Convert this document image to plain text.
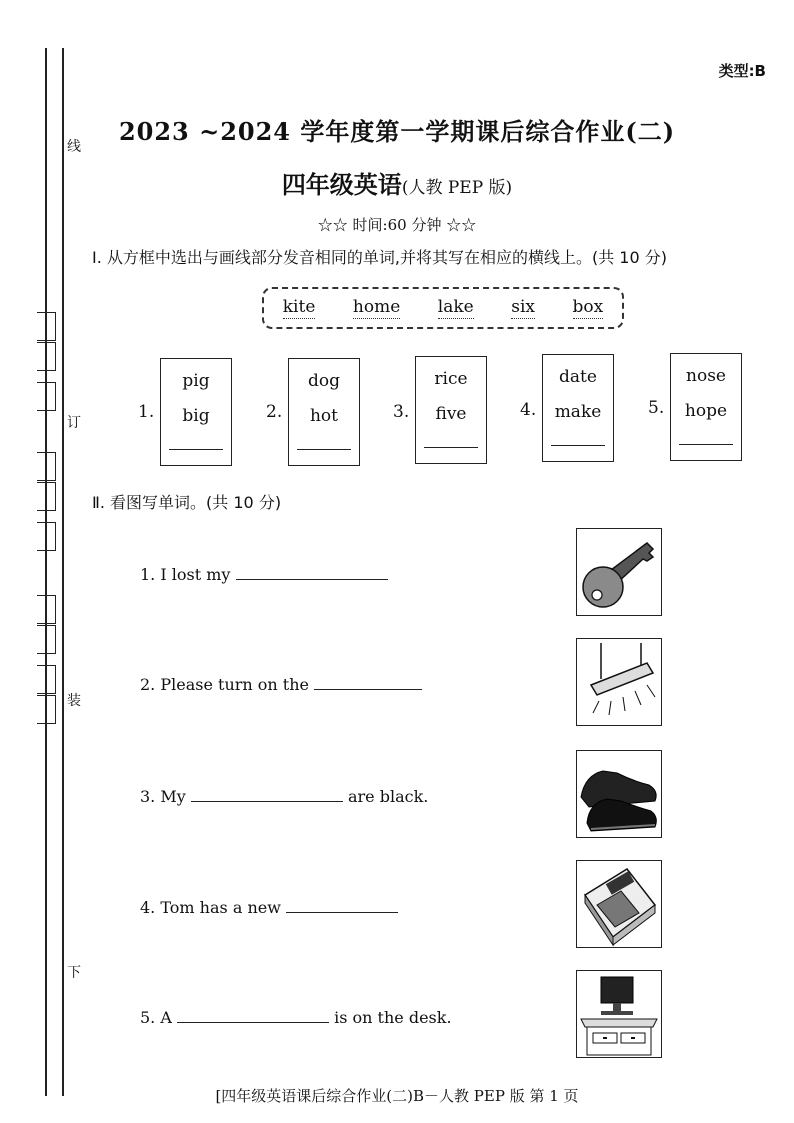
线
订
装
下
类型:B
2023 ~2024 学年度第一学期课后综合作业(二)
四年级英语(人教 PEP 版)
☆☆ 时间:60 分钟 ☆☆
I. 从方框中选出与画线部分发音相同的单词,并将其写在相应的横线上。(共 10 分)
kite home lake six box
1.
pig
big	2.
dog
hot	3.
rice
five	4.
date
make	5.
nose
hope
Ⅱ. 看图写单词。(共 10 分)
1. I lost my
2. Please turn on the
3. My	are black.
4. Tom has a new
5. A	is on the desk.
[四年级英语课后综合作业(二)B－人教 PEP 版 第 1 页
